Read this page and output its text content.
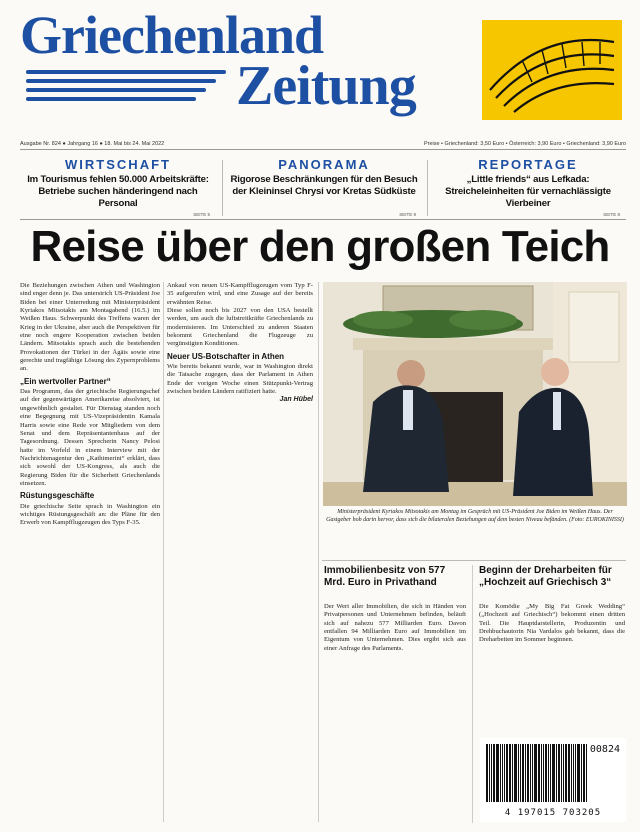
Griechenland
Zeitung
Ausgabe Nr. 824 ● Jahrgang 16 ● 18. Mai bis 24. Mai 2022	Preise • Griechenland: 3,50 Euro • Österreich: 3,90 Euro • Griechenland: 3,90 Euro
WIRTSCHAFT
Im Tourismus fehlen 50.000 Arbeitskräfte: Betriebe suchen händeringend nach Personal
SEITE 5
PANORAMA
Rigorose Beschränkungen für den Besuch der Kleininsel Chrysi vor Kretas Südküste
SEITE 9
REPORTAGE
„Little friends“ aus Lefkada: Streicheleinheiten für vernachlässigte Vierbeiner
SEITE 8
Reise über den großen Teich

Die Beziehungen zwischen Athen und Washington sind enger denn je. Das unterstrich US-Präsident Joe Biden bei einer Unterredung mit Ministerpräsident Kyriakos Mitsotakis am Montagabend (16.5.) im Weißen Haus. Schwerpunkt des Treffens waren der Krieg in der Ukraine, aber auch die Perspektiven für eine noch engere Kooperation zwischen beiden Ländern. Mitsotakis sprach auch die bestehenden Provokationen der Türkei in der Ägäis sowie eine gerechte und tragfähige Lösung des Zypernproblems an.

„Ein wertvoller Partner“

Das Programm, das der griechische Regierungschef auf der gegenwärtigen Amerikareise absolviert, ist ungewöhnlich gestaltet. Für Dienstag standen noch eine Begegnung mit US-Vizepräsidentin Kamala Harris sowie eine Rede vor Mitgliedern von dem Senat und dem Repräsentantenhaus auf der Tagesordnung. Dessen Sprecherin Nancy Pelosi hatte im Vorfeld in einem Interview mit der Nachrichtenagentur den „Kathimerini“ erklärt, dass sich sowohl der US-Kongress, als auch die Regierung Biden für die Sicherheit Griechenlands einsetzen.

Rüstungsgeschäfte

Die griechische Seite sprach in Washington ein wichtiges Rüstungsgeschäft an: die Pläne für den Erwerb von Kampfflugzeugen des Typs F-35.

Ankauf von neuen US-Kampfflugzeugen vom Typ F-35 aufgerufen wird, und eine Zusage auf der bereits erwähnten Reise.

Diese sollen noch bis 2027 von den USA bestellt werden, um auch die luftstreitkräfte Griechenlands zu modernisieren. Im Unterschied zu anderen Staaten bekommt Griechenland die Flugzeuge zu vergünstigten Konditionen.

Neuer US-Botschafter in Athen

Wie bereits bekannt wurde, war in Washington direkt die Tatsache zugegen, dass der Parlament in Athen Ende der vorigen Woche einen Stützpunkt-Vertrag zwischen beiden Ländern ratifiziert hatte.

Jan Hübel
Ministerpräsident Kyriakos Mitsotakis am Montag im Gespräch mit US-Präsident Joe Biden im Weißen Haus. Der Gastgeber hob darin hervor, dass sich die bilateralen Beziehungen auf dem besten Niveau befänden. (Foto: EUROKINISSI)
Immobilienbesitz von 577 Mrd. Euro in Privathand

Der Wert aller Immobilien, die sich in Händen von Privatpersonen und Unternehmen befinden, beläuft sich auf nahezu 577 Milliarden Euro. Davon entfallen 94 Milliarden Euro auf Immobilien im Eigentum von Unternehmen. Dies ergibt sich aus einer Anfrage des Parlaments.

Beginn der Dreharbeiten für „Hochzeit auf Griechisch 3“

Die Komödie „My Big Fat Greek Wedding“ („Hochzeit auf Griechisch“) bekommt einen dritten Teil. Die Hauptdarstellerin, Produzentin und Drehbuchautorin Nia Vardalos gab bekannt, dass die Dreharbeiten im Sommer beginnen.

00824
4 197015 703205
